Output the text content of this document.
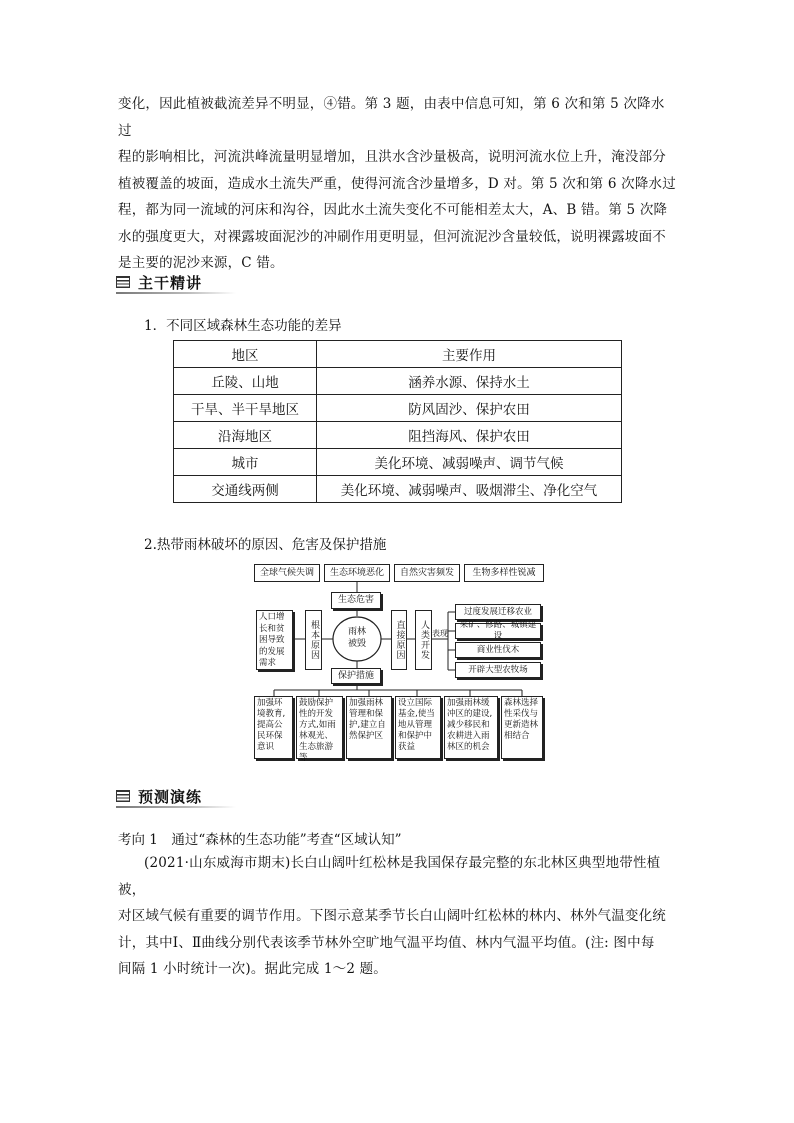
变化，因此植被截流差异不明显，④错。第 3 题，由表中信息可知，第 6 次和第 5 次降水过
程的影响相比，河流洪峰流量明显增加，且洪水含沙量极高，说明河流水位上升，淹没部分
植被覆盖的坡面，造成水土流失严重，使得河流含沙量增多，D 对。第 5 次和第 6 次降水过
程，都为同一流域的河床和沟谷，因此水土流失变化不可能相差太大，A、B 错。第 5 次降
水的强度更大，对裸露坡面泥沙的冲刷作用更明显，但河流泥沙含量较低，说明裸露坡面不
是主要的泥沙来源，C 错。
主干精讲
1．不同区域森林生态功能的差异
地区	主要作用
丘陵、山地	涵养水源、保持水土
干旱、半干旱地区	防风固沙、保护农田
沿海地区	阻挡海风、保护农田
城市	美化环境、减弱噪声、调节气候
交通线两侧	美化环境、减弱噪声、吸烟滞尘、净化空气
2.热带雨林破坏的原因、危害及保护措施
全球气候失调	生态环境恶化	自然灾害频发	生物多样性锐减
生态危害
雨林被毁
保护措施
人口增长和贫困导致的发展需求
根本原因	直接原因	人类开发 表现
过度发展迁移农业
采矿、修路、城镇建设
商业性伐木
开辟大型农牧场
加强环境教育,提高公民环保意识
鼓励保护性的开发方式,如雨林观光、生态旅游等
加强雨林管理和保护,建立自然保护区
设立国际基金,使当地从管理和保护中获益
加强雨林缓冲区的建设,减少移民和农耕进入雨林区的机会
森林选择性采伐与更新造林相结合
预测演练
考向 1　通过“森林的生态功能”考查“区域认知”
(2021·山东威海市期末)长白山阔叶红松林是我国保存最完整的东北林区典型地带性植被，
对区域气候有重要的调节作用。下图示意某季节长白山阔叶红松林的林内、林外气温变化统
计，其中Ⅰ、Ⅱ曲线分别代表该季节林外空旷地气温平均值、林内气温平均值。(注: 图中每
间隔 1 小时统计一次)。据此完成 1～2 题。
